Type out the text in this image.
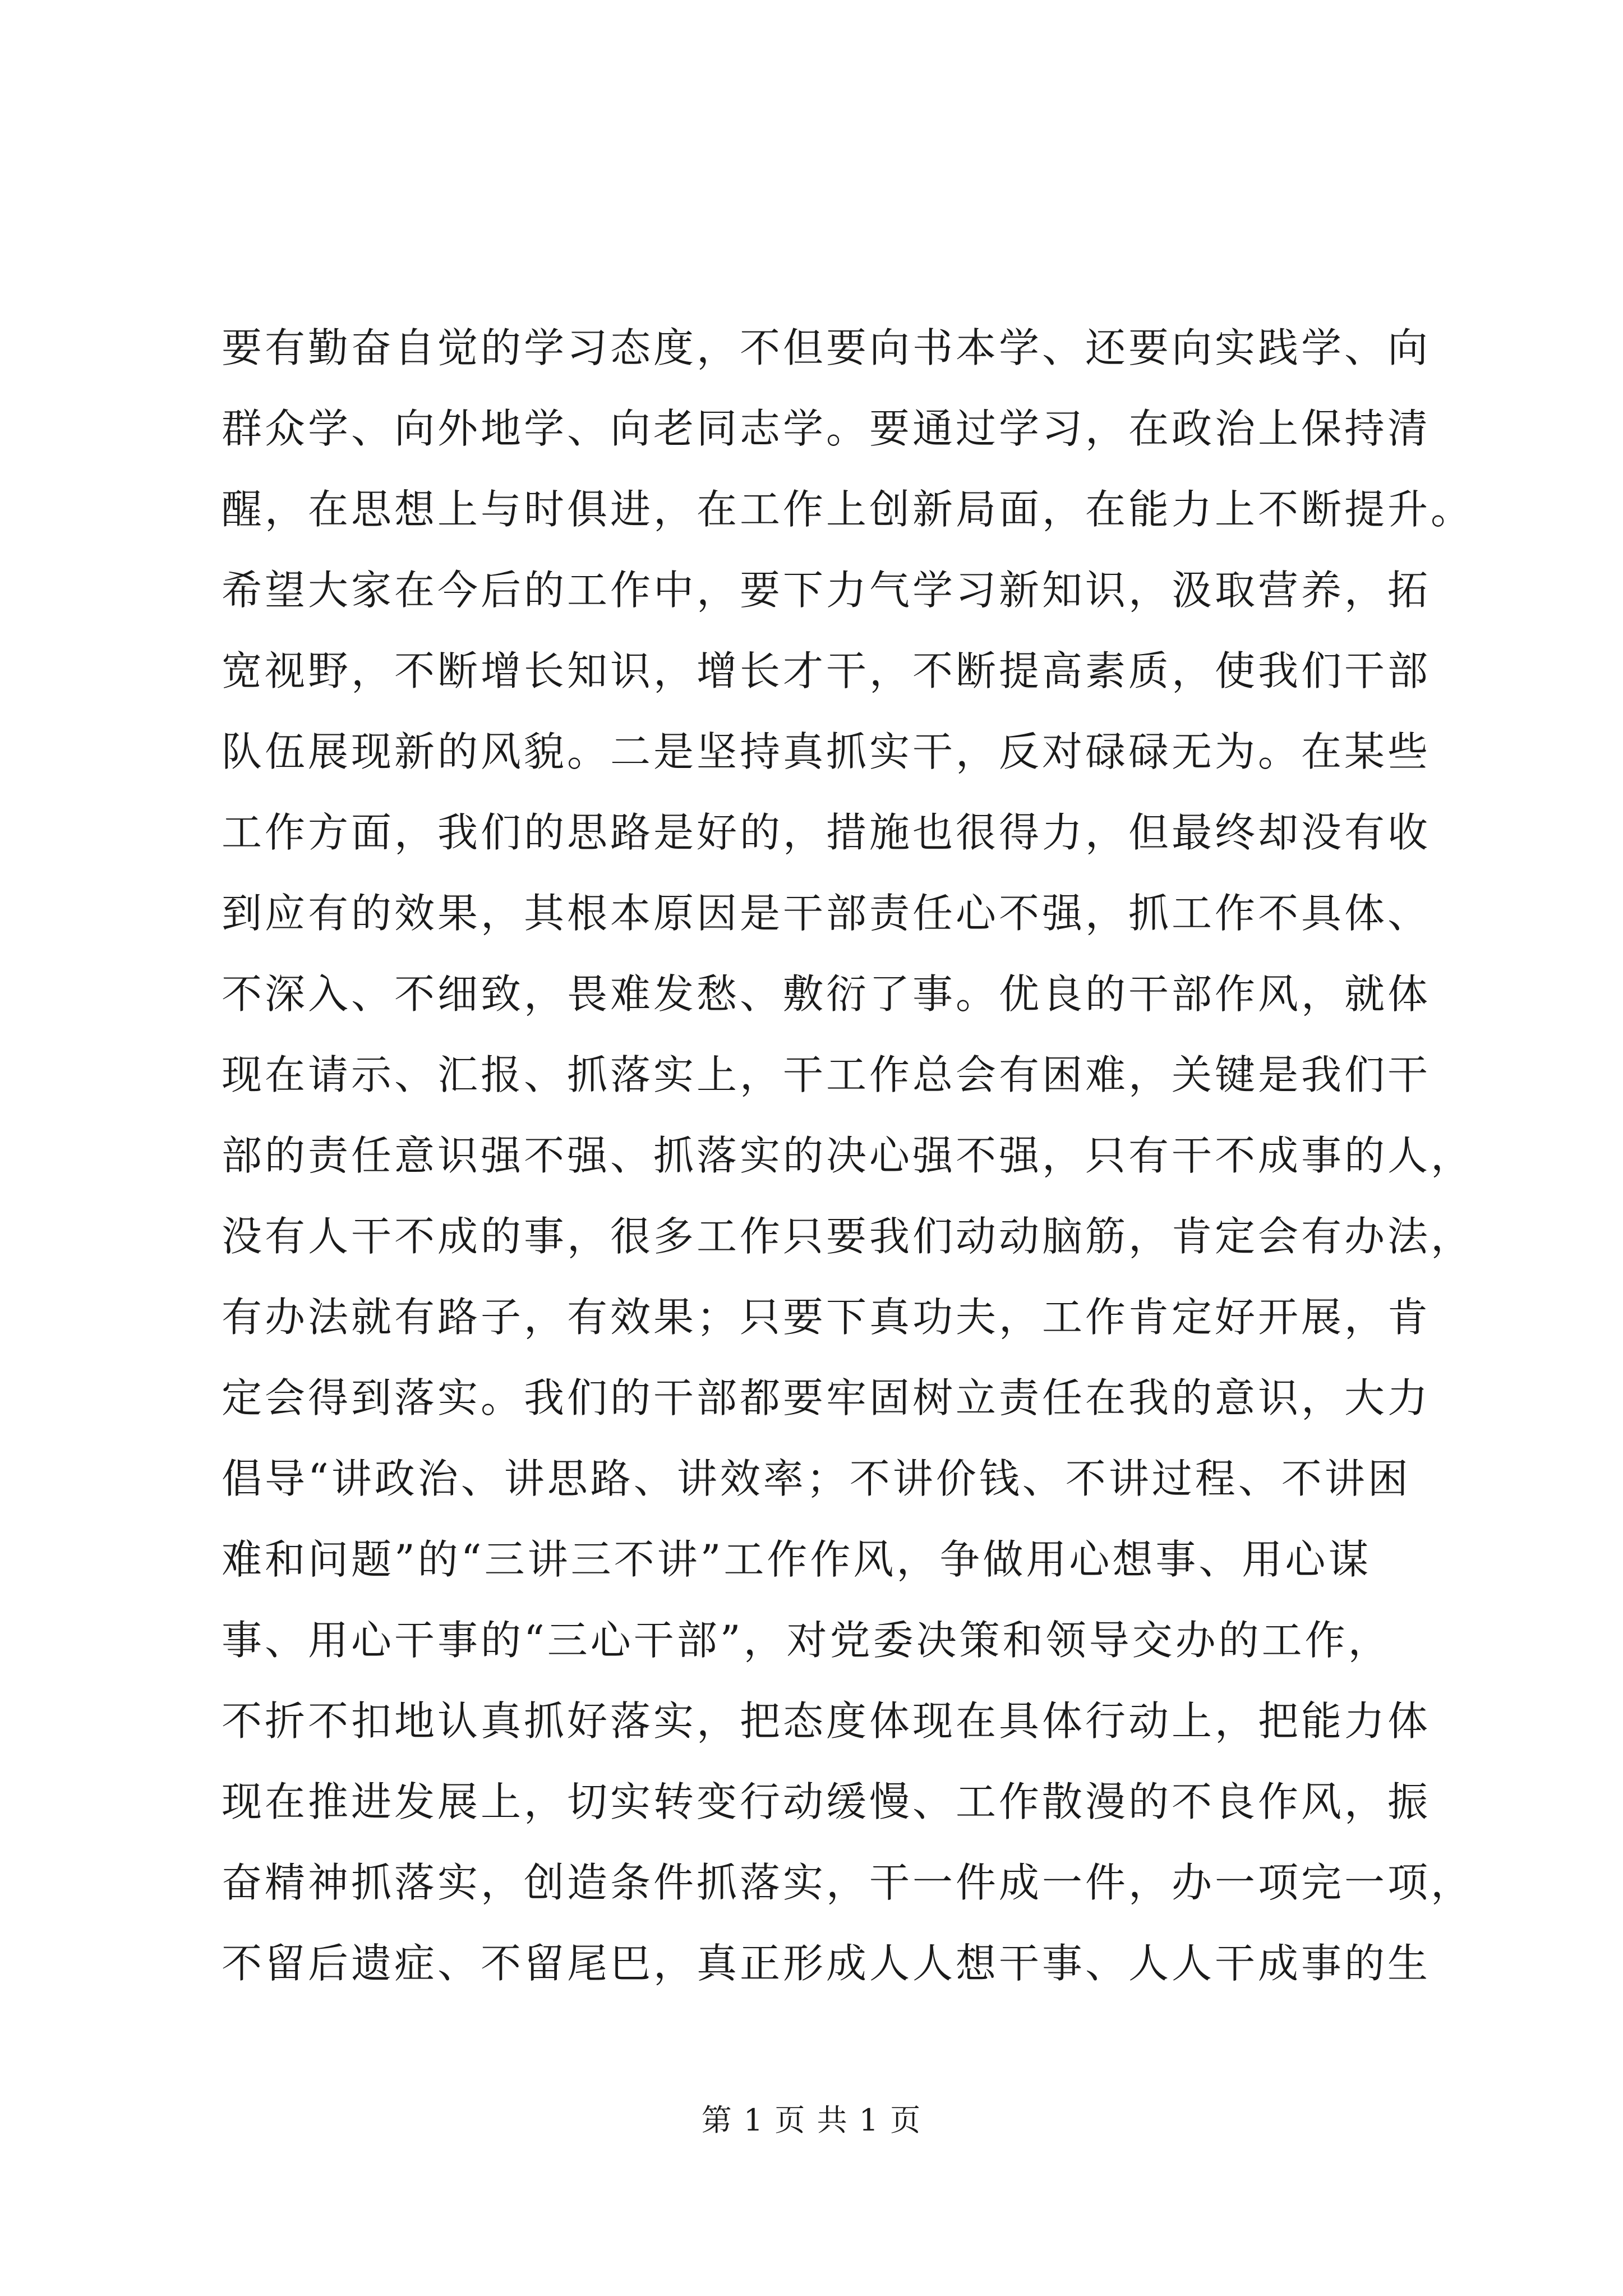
要有勤奋自觉的学习态度，不但要向书本学、还要向实践学、向
群众学、向外地学、向老同志学。要通过学习，在政治上保持清
醒，在思想上与时俱进，在工作上创新局面，在能力上不断提升。
希望大家在今后的工作中，要下力气学习新知识，汲取营养，拓
宽视野，不断增长知识，增长才干，不断提高素质，使我们干部
队伍展现新的风貌。二是坚持真抓实干，反对碌碌无为。在某些
工作方面，我们的思路是好的，措施也很得力，但最终却没有收
到应有的效果，其根本原因是干部责任心不强，抓工作不具体、
不深入、不细致，畏难发愁、敷衍了事。优良的干部作风，就体
现在请示、汇报、抓落实上，干工作总会有困难，关键是我们干
部的责任意识强不强、抓落实的决心强不强，只有干不成事的人，
没有人干不成的事，很多工作只要我们动动脑筋，肯定会有办法，
有办法就有路子，有效果；只要下真功夫，工作肯定好开展，肯
定会得到落实。我们的干部都要牢固树立责任在我的意识，大力
倡导“讲政治、讲思路、讲效率；不讲价钱、不讲过程、不讲困
难和问题”的“三讲三不讲”工作作风，争做用心想事、用心谋
事、用心干事的“三心干部”，对党委决策和领导交办的工作，
不折不扣地认真抓好落实，把态度体现在具体行动上，把能力体
现在推进发展上，切实转变行动缓慢、工作散漫的不良作风，振
奋精神抓落实，创造条件抓落实，干一件成一件，办一项完一项，
不留后遗症、不留尾巴，真正形成人人想干事、人人干成事的生
第 1 页 共 1 页
